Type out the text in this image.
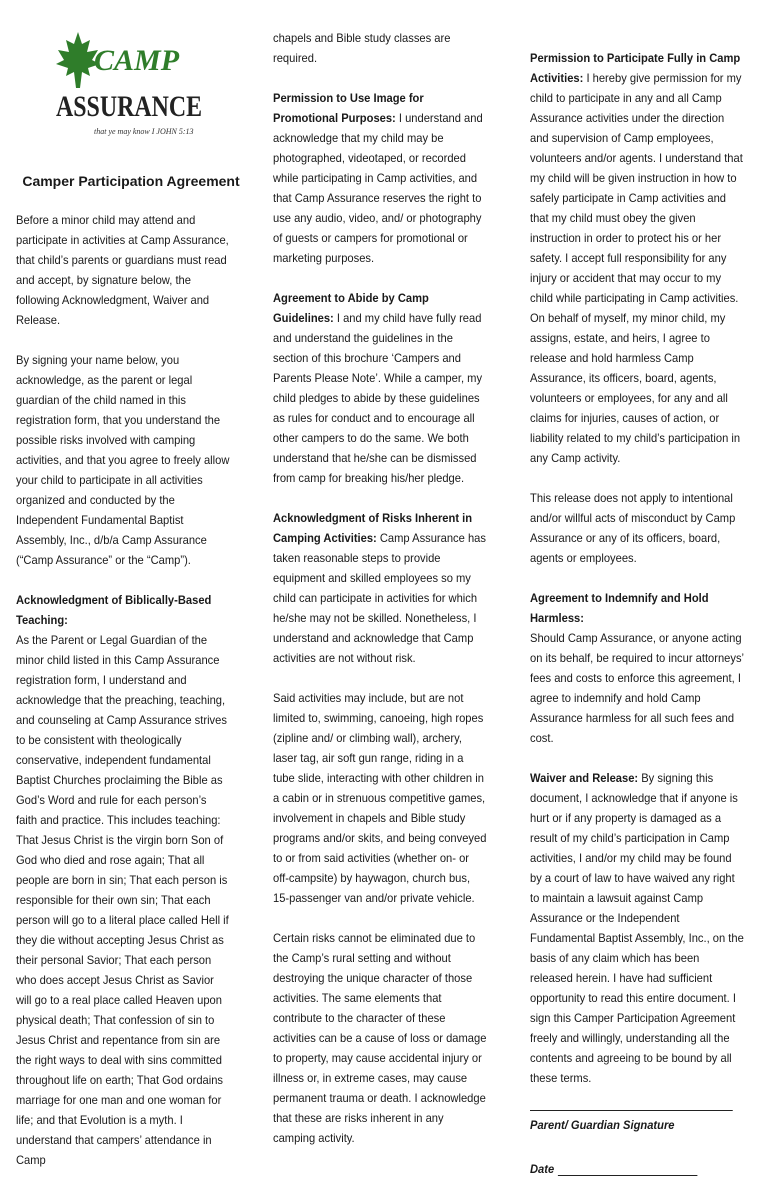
CAMP
ASSURANCE
that ye may know I JOHN 5:13
Camper Participation Agreement

Before a minor child may attend and participate in activities at Camp Assurance, that child’s parents or guardians must read and accept, by signature below, the following Acknowledgment, Waiver and Release.

By signing your name below, you acknowledge, as the parent or legal guardian of the child named in this registration form, that you understand the possible risks involved with camping activities, and that you agree to freely allow your child to participate in all activities organized and conducted by the Independent Fundamental Baptist Assembly, Inc., d/b/a Camp Assurance (“Camp Assurance” or the “Camp”).

Acknowledgment of Biblically-Based Teaching:
As the Parent or Legal Guardian of the minor child listed in this Camp Assurance registration form, I understand and acknowledge that the preaching, teaching, and counseling at Camp Assurance strives to be consistent with theologically conservative, independent fundamental Baptist Churches proclaiming the Bible as God’s Word and rule for each person’s faith and practice. This includes teaching: That Jesus Christ is the virgin born Son of God who died and rose again; That all people are born in sin; That each person is responsible for their own sin; That each person will go to a literal place called Hell if they die without accepting Jesus Christ as their personal Savior; That each person who does accept Jesus Christ as Savior will go to a real place called Heaven upon physical death; That confession of sin to Jesus Christ and repentance from sin are the right ways to deal with sins committed throughout life on earth; That God ordains marriage for one man and one woman for life; and that Evolution is a myth. I understand that campers’ attendance in Camp

chapels and Bible study classes are required.

Permission to Use Image for Promotional Purposes: I understand and acknowledge that my child may be photographed, videotaped, or recorded while participating in Camp activities, and that Camp Assurance reserves the right to use any audio, video, and/ or photography of guests or campers for promotional or marketing purposes.

Agreement to Abide by Camp Guidelines: I and my child have fully read and understand the guidelines in the section of this brochure ‘Campers and Parents Please Note’. While a camper, my child pledges to abide by these guidelines as rules for conduct and to encourage all other campers to do the same. We both understand that he/she can be dismissed from camp for breaking his/her pledge.

Acknowledgment of Risks Inherent in Camping Activities: Camp Assurance has taken reasonable steps to provide equipment and skilled employees so my child can participate in activities for which he/she may not be skilled. Nonetheless, I understand and acknowledge that Camp activities are not without risk.

Said activities may include, but are not limited to, swimming, canoeing, high ropes (zipline and/ or climbing wall), archery, laser tag, air soft gun range, riding in a tube slide, interacting with other children in a cabin or in strenuous competitive games, involvement in chapels and Bible study programs and/or skits, and being conveyed to or from said activities (whether on- or off-campsite) by haywagon, church bus, 15-passenger van and/or private vehicle.

Certain risks cannot be eliminated due to the Camp’s rural setting and without destroying the unique character of those activities. The same elements that contribute to the character of these activities can be a cause of loss or damage to property, may cause accidental injury or illness or, in extreme cases, may cause permanent trauma or death. I acknowledge that these are risks inherent in any camping activity.

Permission to Participate Fully in Camp Activities: I hereby give permission for my child to participate in any and all Camp Assurance activities under the direction and supervision of Camp employees, volunteers and/or agents. I understand that my child will be given instruction in how to safely participate in Camp activities and that my child must obey the given instruction in order to protect his or her safety. I accept full responsibility for any injury or accident that may occur to my child while participating in Camp activities. On behalf of myself, my minor child, my assigns, estate, and heirs, I agree to release and hold harmless Camp Assurance, its officers, board, agents, volunteers or employees, for any and all claims for injuries, causes of action, or liability related to my child’s participation in any Camp activity.

This release does not apply to intentional and/or willful acts of misconduct by Camp Assurance or any of its officers, board, agents or employees.

Agreement to Indemnify and Hold Harmless:
Should Camp Assurance, or anyone acting on its behalf, be required to incur attorneys’ fees and costs to enforce this agreement, I agree to indemnify and hold Camp Assurance harmless for all such fees and cost.

Waiver and Release: By signing this document, I acknowledge that if anyone is hurt or if any property is damaged as a result of my child’s participation in Camp activities, I and/or my child may be found by a court of law to have waived any right to maintain a lawsuit against Camp Assurance or the Independent Fundamental Baptist Assembly, Inc., on the basis of any claim which has been released herein. I have had sufficient opportunity to read this entire document. I sign this Camper Participation Agreement freely and willingly, understanding all the contents and agreeing to be bound by all these terms.

Parent/ Guardian Signature
Date
